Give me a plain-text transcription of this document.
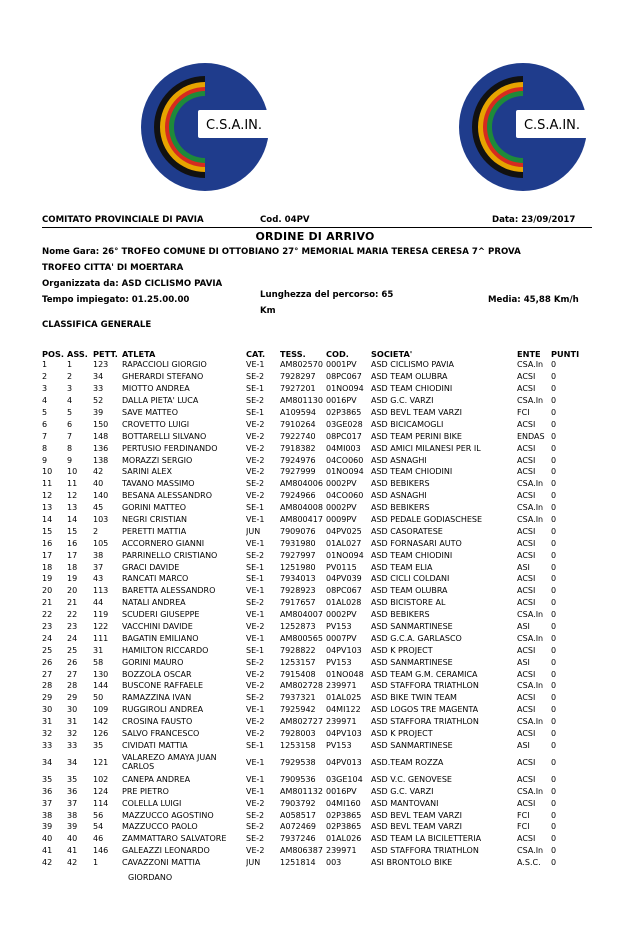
C.S.A.IN.	C.S.A.IN.
COMITATO PROVINCIALE DI PAVIA	Cod. 04PV	Data: 23/09/2017
ORDINE DI ARRIVO
Nome Gara: 26° TROFEO COMUNE DI OTTOBIANO 27° MEMORIAL MARIA TERESA CERESA 7^ PROVA
TROFEO CITTA' DI MOERTARA
Organizzata da: ASD CICLISMO PAVIA
Tempo impiegato: 01.25.00.00	Lunghezza del percorso: 65
Km
Media: 45,88 Km/h
CLASSIFICA GENERALE
POS.	ASS.	PETT.	ATLETA	CAT.	TESS.	COD.	SOCIETA'	ENTE	PUNTI
1	1	123	RAPACCIOLI GIORGIO	VE-1	AM802570	0001PV	ASD CICLISMO PAVIA	CSA.In	0
2	2	34	GHERARDI STEFANO	SE-2	7928297	08PC067	ASD TEAM OLUBRA	ACSI	0
3	3	33	MIOTTO ANDREA	SE-1	7927201	01NO094	ASD TEAM CHIODINI	ACSI	0
4	4	52	DALLA PIETA' LUCA	SE-2	AM801130	0016PV	ASD G.C. VARZI	CSA.In	0
5	5	39	SAVE MATTEO	SE-1	A109594	02P3865	ASD BEVL TEAM VARZI	FCI	0
6	6	150	CROVETTO LUIGI	VE-2	7910264	03GE028	ASD BICICAMOGLI	ACSI	0
7	7	148	BOTTARELLI SILVANO	VE-2	7922740	08PC017	ASD TEAM PERINI BIKE	ENDAS	0
8	8	136	PERTUSIO FERDINANDO	VE-2	7918382	04MI003	ASD AMICI MILANESI PER IL	ACSI	0
9	9	138	MORAZZI SERGIO	VE-2	7924976	04CO060	ASD ASNAGHI	ACSI	0
10	10	42	SARINI ALEX	VE-2	7927999	01NO094	ASD TEAM CHIODINI	ACSI	0
11	11	40	TAVANO MASSIMO	SE-2	AM804006	0002PV	ASD BEBIKERS	CSA.In	0
12	12	140	BESANA ALESSANDRO	VE-2	7924966	04CO060	ASD ASNAGHI	ACSI	0
13	13	45	GORINI MATTEO	SE-1	AM804008	0002PV	ASD BEBIKERS	CSA.In	0
14	14	103	NEGRI CRISTIAN	VE-1	AM800417	0009PV	ASD PEDALE GODIASCHESE	CSA.In	0
15	15	2	PERETTI MATTIA	JUN	7909076	04PV025	ASD CASORATESE	ACSI	0
16	16	105	ACCORNERO GIANNI	VE-1	7931980	01AL027	ASD FORNASARI AUTO	ACSI	0
17	17	38	PARRINELLO CRISTIANO	SE-2	7927997	01NO094	ASD TEAM CHIODINI	ACSI	0
18	18	37	GRACI DAVIDE	SE-1	1251980	PV0115	ASD TEAM ELIA	ASI	0
19	19	43	RANCATI MARCO	SE-1	7934013	04PV039	ASD CICLI COLDANI	ACSI	0
20	20	113	BARETTA ALESSANDRO	VE-1	7928923	08PC067	ASD TEAM OLUBRA	ACSI	0
21	21	44	NATALI ANDREA	SE-2	7917657	01AL028	ASD BICISTORE AL	ACSI	0
22	22	119	SCUDERI GIUSEPPE	VE-1	AM804007	0002PV	ASD BEBIKERS	CSA.In	0
23	23	122	VACCHINI DAVIDE	VE-2	1252873	PV153	ASD SANMARTINESE	ASI	0
24	24	111	BAGATIN EMILIANO	VE-1	AM800565	0007PV	ASD G.C.A. GARLASCO	CSA.In	0
25	25	31	HAMILTON RICCARDO	SE-1	7928822	04PV103	ASD K PROJECT	ACSI	0
26	26	58	GORINI MAURO	SE-2	1253157	PV153	ASD SANMARTINESE	ASI	0
27	27	130	BOZZOLA OSCAR	VE-2	7915408	01NO048	ASD TEAM G.M. CERAMICA	ACSI	0
28	28	144	BUSCONE RAFFAELE	VE-2	AM802728	239971	ASD STAFFORA TRIATHLON	CSA.In	0
29	29	50	RAMAZZINA IVAN	SE-2	7937321	01AL025	ASD BIKE TWIN TEAM	ACSI	0
30	30	109	RUGGIROLI ANDREA	VE-1	7925942	04MI122	ASD LOGOS TRE MAGENTA	ACSI	0
31	31	142	CROSINA FAUSTO	VE-2	AM802727	239971	ASD STAFFORA TRIATHLON	CSA.In	0
32	32	126	SALVO FRANCESCO	VE-2	7928003	04PV103	ASD K PROJECT	ACSI	0
33	33	35	CIVIDATI MATTIA	SE-1	1253158	PV153	ASD SANMARTINESE	ASI	0
34	34	121	VALAREZO AMAYA JUAN CARLOS	VE-1	7929538	04PV013	ASD.TEAM ROZZA	ACSI	0
35	35	102	CANEPA ANDREA	VE-1	7909536	03GE104	ASD V.C. GENOVESE	ACSI	0
36	36	124	PRE PIETRO	VE-1	AM801132	0016PV	ASD G.C. VARZI	CSA.In	0
37	37	114	COLELLA LUIGI	VE-2	7903792	04MI160	ASD MANTOVANI	ACSI	0
38	38	56	MAZZUCCO AGOSTINO	SE-2	A058517	02P3865	ASD BEVL TEAM VARZI	FCI	0
39	39	54	MAZZUCCO PAOLO	SE-2	A072469	02P3865	ASD BEVL TEAM VARZI	FCI	0
40	40	46	ZAMMATTARO SALVATORE	SE-2	7937246	01AL026	ASD TEAM LA BICILETTERIA	ACSI	0
41	41	146	GALEAZZI LEONARDO	VE-2	AM806387	239971	ASD STAFFORA TRIATHLON	CSA.In	0
42	42	1	CAVAZZONI MATTIA	JUN	1251814	003	ASI BRONTOLO BIKE	A.S.C.	0
GIORDANO
